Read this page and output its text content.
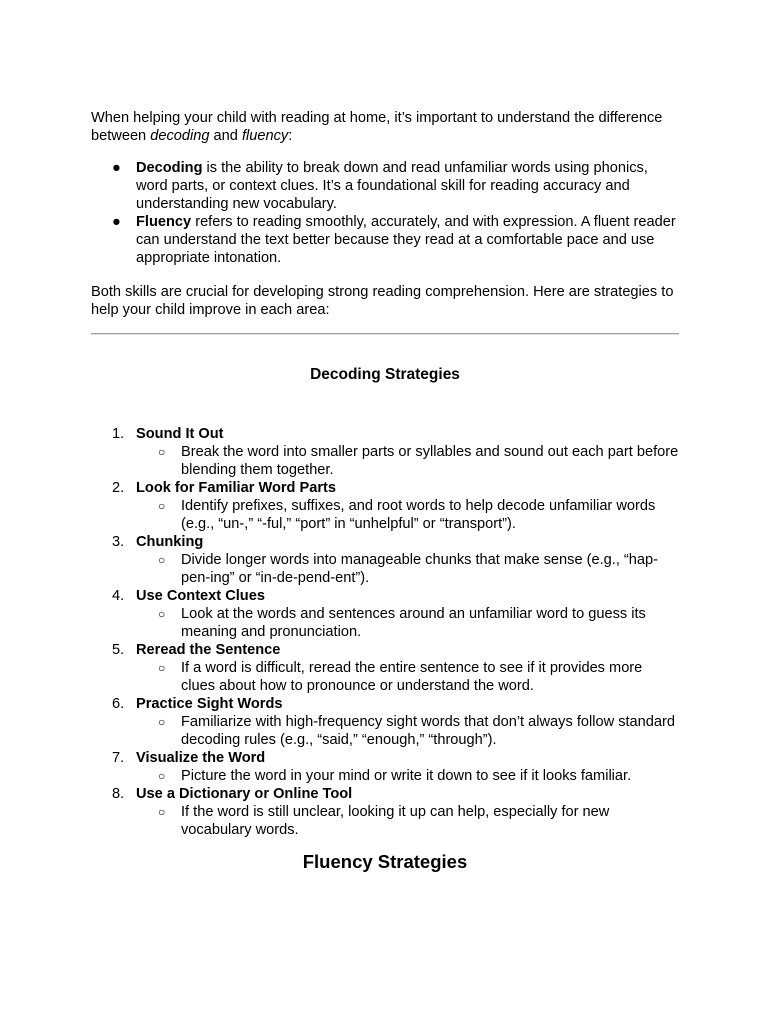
When helping your child with reading at home, it’s important to understand the difference between decoding and fluency:

● Decoding is the ability to break down and read unfamiliar words using phonics, word parts, or context clues. It’s a foundational skill for reading accuracy and understanding new vocabulary.
● Fluency refers to reading smoothly, accurately, and with expression. A fluent reader can understand the text better because they read at a comfortable pace and use appropriate intonation.

Both skills are crucial for developing strong reading comprehension. Here are strategies to help your child improve in each area:

Decoding Strategies
1. Sound It Out
○ Break the word into smaller parts or syllables and sound out each part before blending them together.
2. Look for Familiar Word Parts
○ Identify prefixes, suffixes, and root words to help decode unfamiliar words (e.g., “un-,” “-ful,” “port” in “unhelpful” or “transport”).
3. Chunking
○ Divide longer words into manageable chunks that make sense (e.g., “hap-pen-ing” or “in-de-pend-ent”).
4. Use Context Clues
○ Look at the words and sentences around an unfamiliar word to guess its meaning and pronunciation.
5. Reread the Sentence
○ If a word is difficult, reread the entire sentence to see if it provides more clues about how to pronounce or understand the word.
6. Practice Sight Words
○ Familiarize with high-frequency sight words that don’t always follow standard decoding rules (e.g., “said,” “enough,” “through”).
7. Visualize the Word
○ Picture the word in your mind or write it down to see if it looks familiar.
8. Use a Dictionary or Online Tool
○ If the word is still unclear, looking it up can help, especially for new vocabulary words.
Fluency Strategies
